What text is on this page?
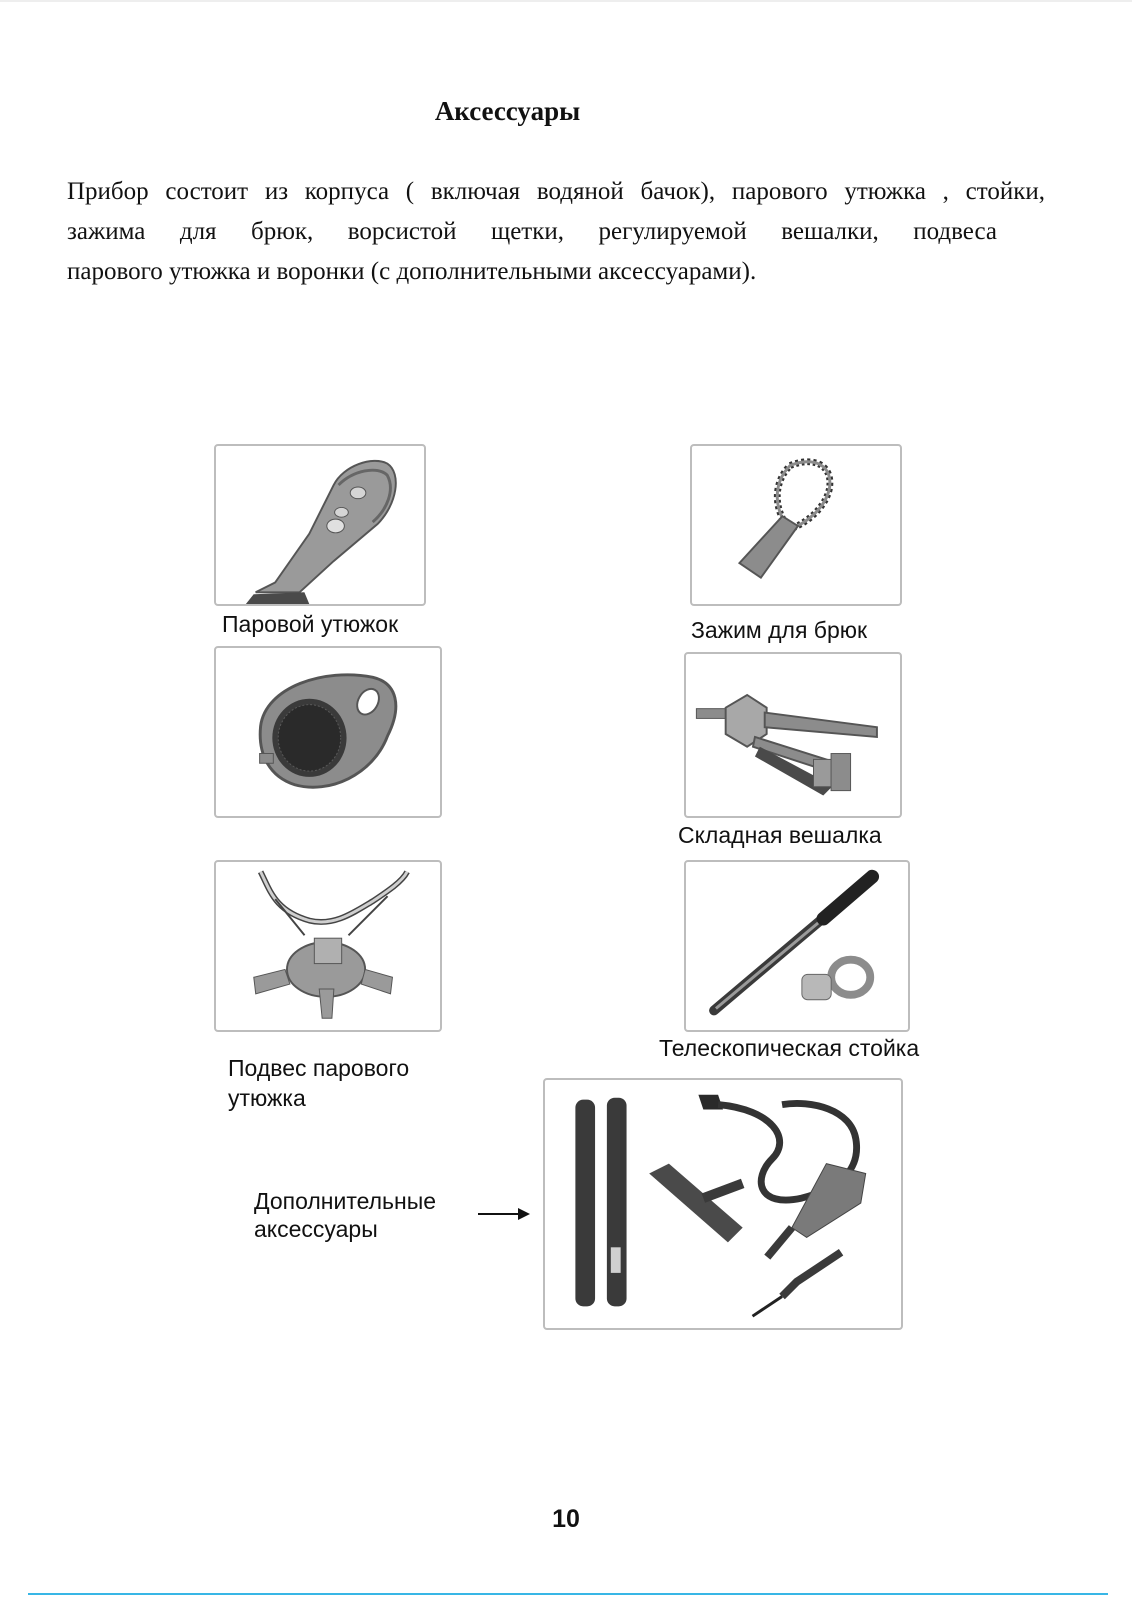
Аксессуары
Прибор состоит из корпуса ( включая водяной бачок), парового утюжка , стойки,
зажима для брюк, ворсистой щетки, регулируемой вешалки, подвеса
парового утюжка и воронки (с дополнительными аксессуарами).

Паровой утюжок	Зажим для брюк

Складная вешалка

Подвес парового

утюжка

Телескопическая стойка

Дополнительные

аксессуары

10
